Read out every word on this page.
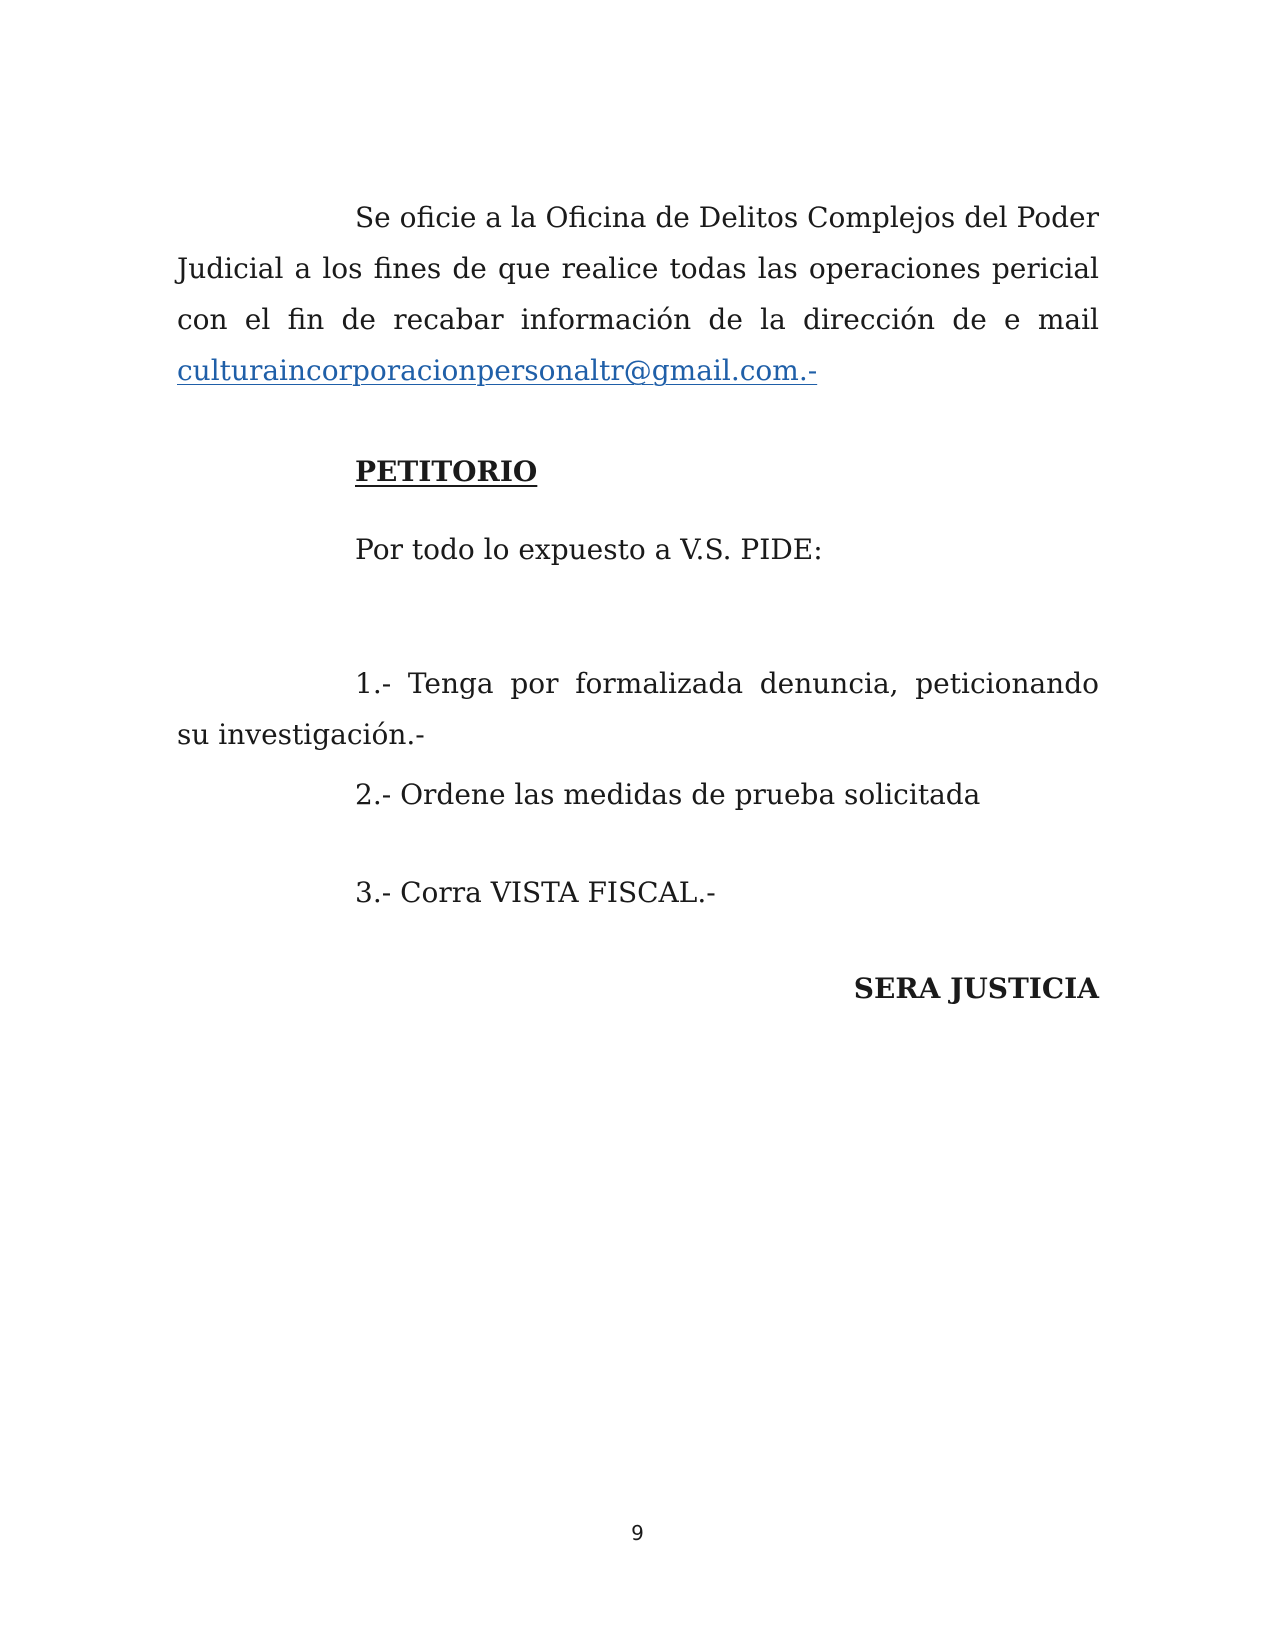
Se oficie a la Oficina de Delitos Complejos del Poder Judicial a los fines de que realice todas las operaciones pericial con el fin de recabar información de la dirección de e mail culturaincorporacionpersonaltr@gmail.com.-

PETITORIO

Por todo lo expuesto a V.S. PIDE:

1.- Tenga por formalizada denuncia, peticionando su investigación.-

2.- Ordene las medidas de prueba solicitada

3.- Corra VISTA FISCAL.-

SERA JUSTICIA

9
